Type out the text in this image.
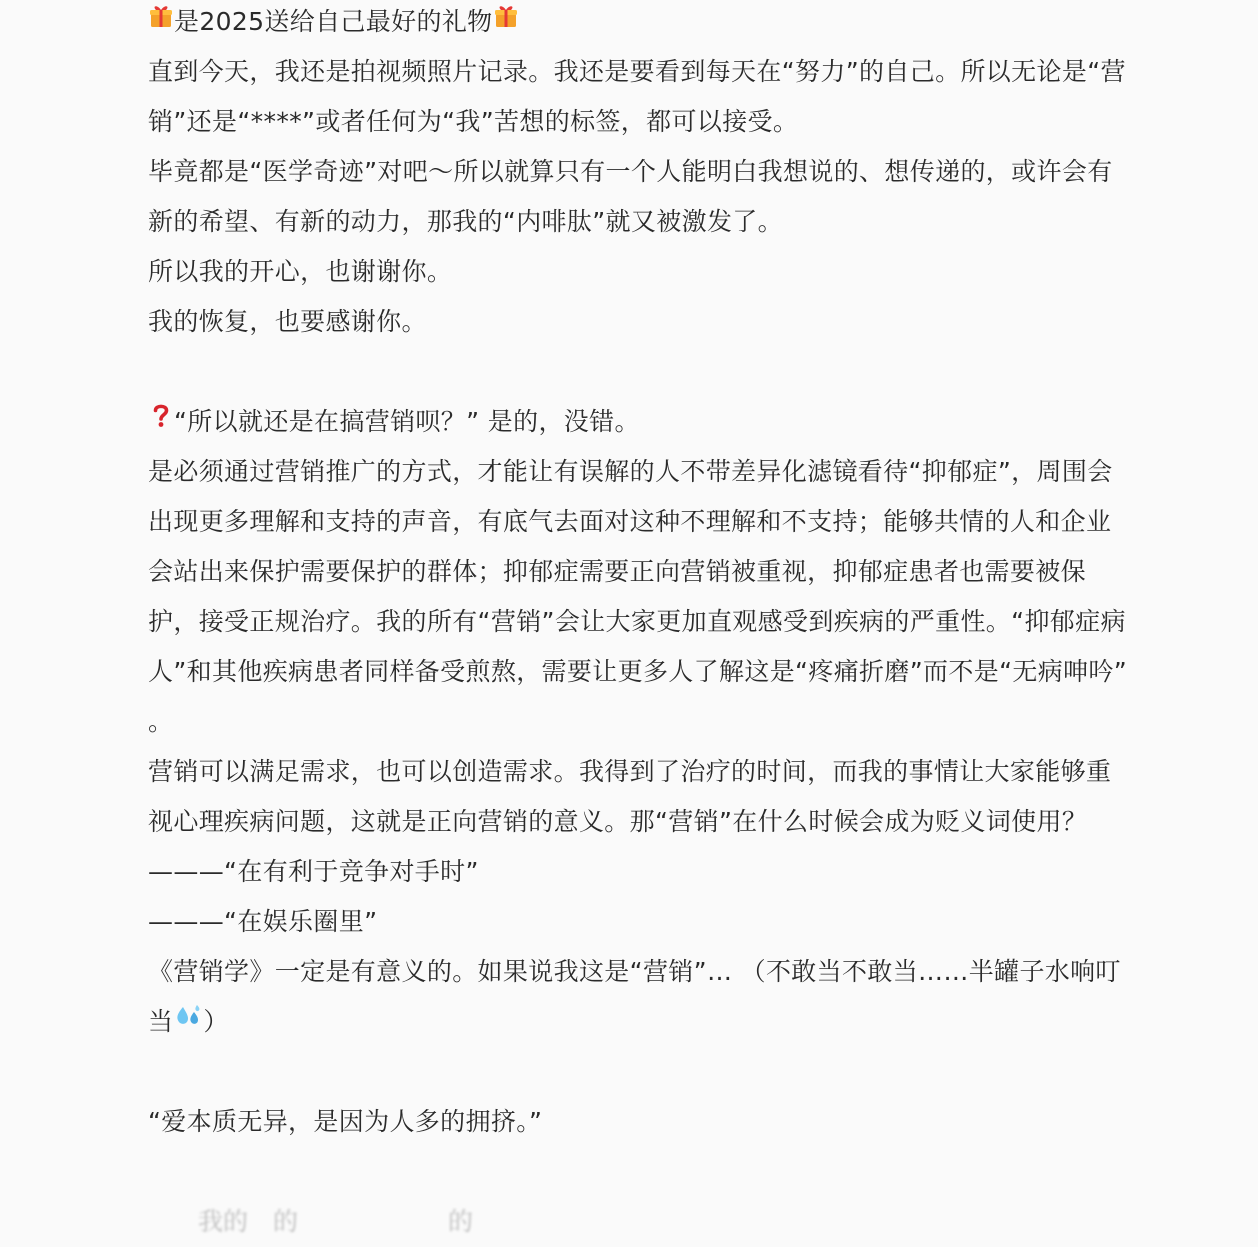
是2025送给自己最好的礼物
直到今天，我还是拍视频照片记录。我还是要看到每天在“努力”的自己。所以无论是“营
销”还是“****”或者任何为“我”苦想的标签，都可以接受。
毕竟都是“医学奇迹”对吧～所以就算只有一个人能明白我想说的、想传递的，或许会有
新的希望、有新的动力，那我的“内啡肽”就又被激发了。
所以我的开心，也谢谢你。
我的恢复，也要感谢你。
“所以就还是在搞营销呗？” 是的，没错。
是必须通过营销推广的方式，才能让有误解的人不带差异化滤镜看待“抑郁症”，周围会
出现更多理解和支持的声音，有底气去面对这种不理解和不支持；能够共情的人和企业
会站出来保护需要保护的群体；抑郁症需要正向营销被重视，抑郁症患者也需要被保
护，接受正规治疗。我的所有“营销”会让大家更加直观感受到疾病的严重性。“抑郁症病
人”和其他疾病患者同样备受煎熬，需要让更多人了解这是“疼痛折磨”而不是“无病呻吟”
。
营销可以满足需求，也可以创造需求。我得到了治疗的时间，而我的事情让大家能够重
视心理疾病问题，这就是正向营销的意义。那“营销”在什么时候会成为贬义词使用？
———“在有利于竞争对手时”
———“在娱乐圈里”
《营销学》一定是有意义的。如果说我这是“营销”… （不敢当不敢当……半罐子水响叮
当 ）
“爱本质无异，是因为人多的拥挤。”
　　我的　的　　　　　　的
